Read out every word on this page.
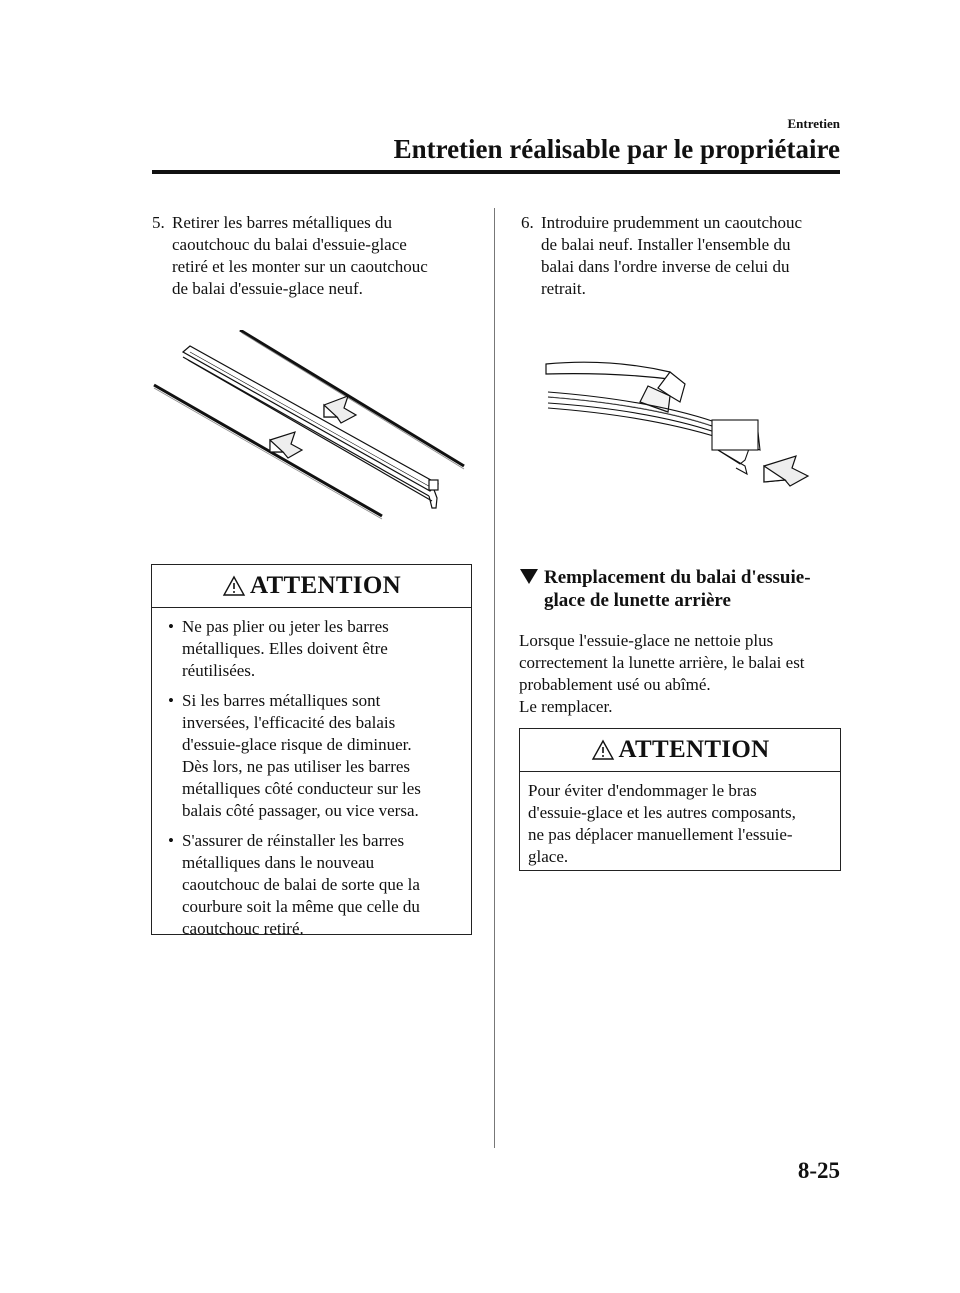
Entretien
Entretien réalisable par le propriétaire
5. Retirer les barres métalliques du
caoutchouc du balai d'essuie-glace
retiré et les monter sur un caoutchouc
de balai d'essuie-glace neuf.
ATTENTION
• Ne pas plier ou jeter les barres
métalliques. Elles doivent être
réutilisées.
• Si les barres métalliques sont
inversées, l'efficacité des balais
d'essuie-glace risque de diminuer.
Dès lors, ne pas utiliser les barres
métalliques côté conducteur sur les
balais côté passager, ou vice versa.
• S'assurer de réinstaller les barres
métalliques dans le nouveau
caoutchouc de balai de sorte que la
courbure soit la même que celle du
caoutchouc retiré.
6. Introduire prudemment un caoutchouc
de balai neuf. Installer l'ensemble du
balai dans l'ordre inverse de celui du
retrait.
Remplacement du balai d'essuie-
glace de lunette arrière
Lorsque l'essuie-glace ne nettoie plus
correctement la lunette arrière, le balai est
probablement usé ou abîmé.
Le remplacer.
ATTENTION
Pour éviter d'endommager le bras
d'essuie-glace et les autres composants,
ne pas déplacer manuellement l'essuie-
glace.
8-25
